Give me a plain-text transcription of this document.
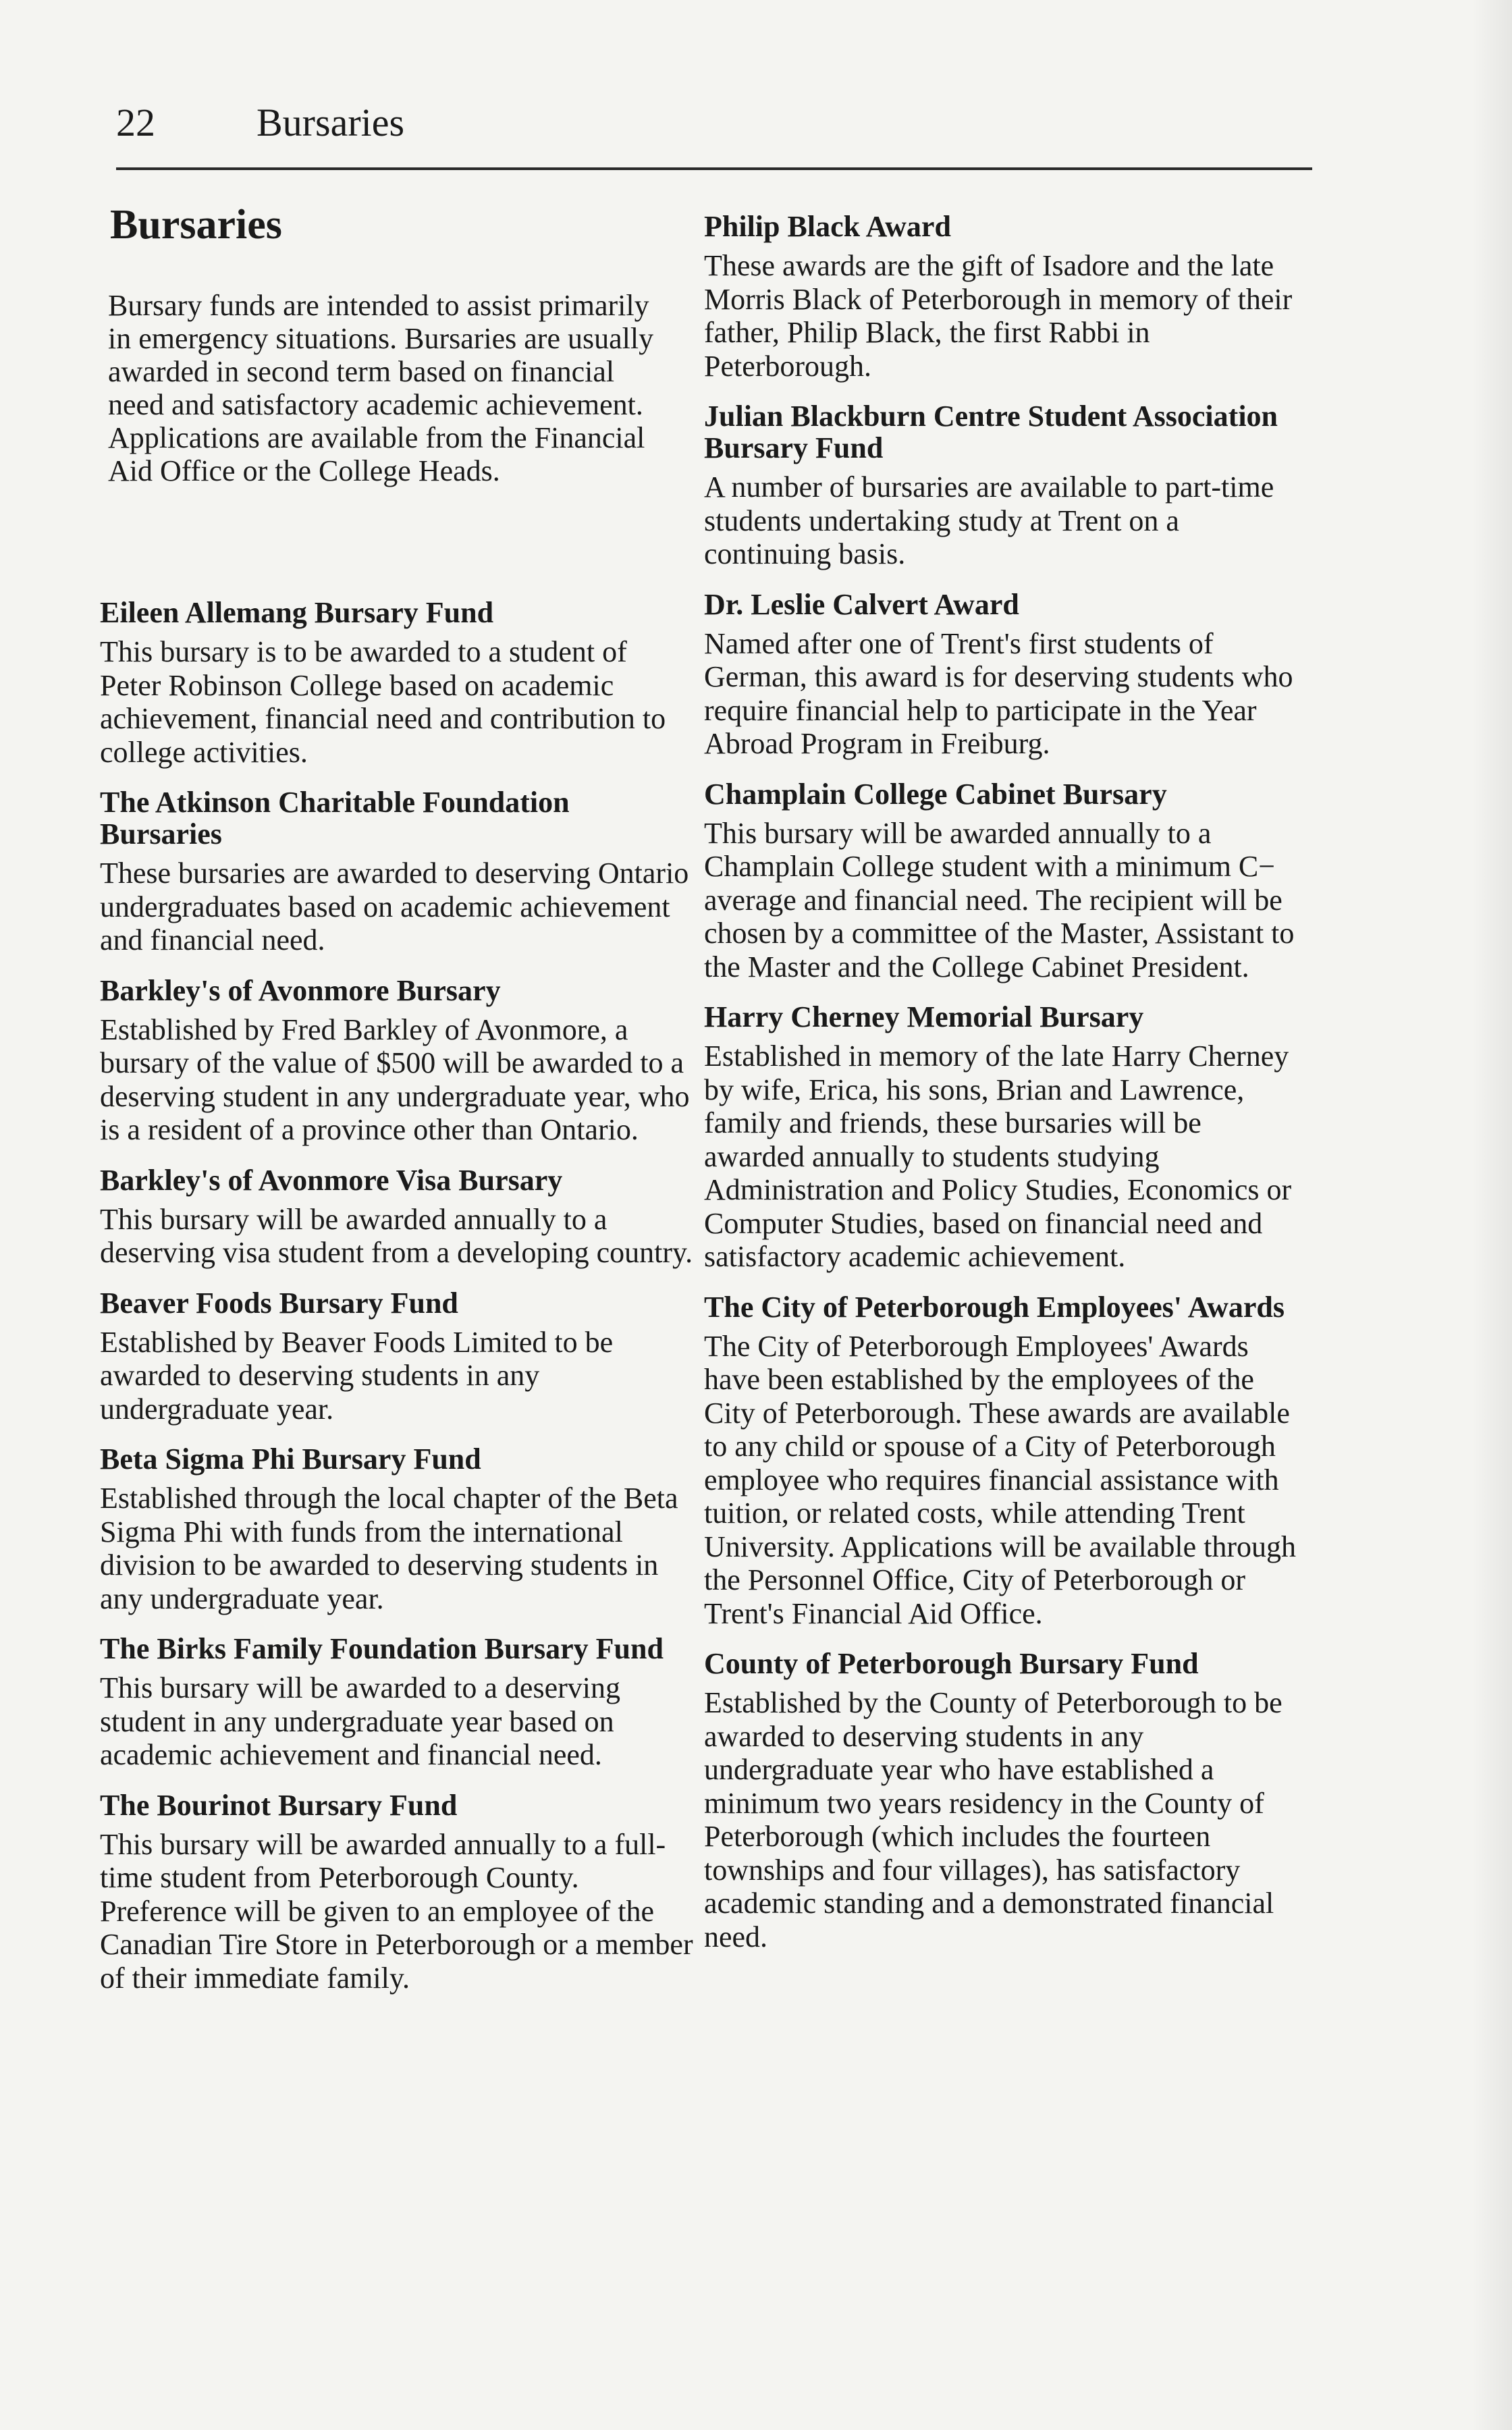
22	Bursaries
Bursaries

Bursary funds are intended to assist primarily in emergency situations. Bursaries are usually awarded in second term based on financial need and satisfactory academic achievement. Applications are available from the Financial Aid Office or the College Heads.

Eileen Allemang Bursary Fund

This bursary is to be awarded to a student of Peter Robinson College based on academic achievement, financial need and contribution to college activities.

The Atkinson Charitable Foundation Bursaries

These bursaries are awarded to deserving Ontario undergraduates based on academic achievement and financial need.

Barkley's of Avonmore Bursary

Established by Fred Barkley of Avonmore, a bursary of the value of $500 will be awarded to a deserving student in any undergraduate year, who is a resident of a province other than Ontario.

Barkley's of Avonmore Visa Bursary

This bursary will be awarded annually to a deserving visa student from a developing country.

Beaver Foods Bursary Fund

Established by Beaver Foods Limited to be awarded to deserving students in any undergraduate year.

Beta Sigma Phi Bursary Fund

Established through the local chapter of the Beta Sigma Phi with funds from the international division to be awarded to deserving students in any undergraduate year.

The Birks Family Foundation Bursary Fund

This bursary will be awarded to a deserving student in any undergraduate year based on academic achievement and financial need.

The Bourinot Bursary Fund

This bursary will be awarded annually to a full-time student from Peterborough County. Preference will be given to an employee of the Canadian Tire Store in Peterborough or a member of their immediate family.

Philip Black Award

These awards are the gift of Isadore and the late Morris Black of Peterborough in memory of their father, Philip Black, the first Rabbi in Peterborough.

Julian Blackburn Centre Student Association Bursary Fund

A number of bursaries are available to part-time students undertaking study at Trent on a continuing basis.

Dr. Leslie Calvert Award

Named after one of Trent's first students of German, this award is for deserving students who require financial help to participate in the Year Abroad Program in Freiburg.

Champlain College Cabinet Bursary

This bursary will be awarded annually to a Champlain College student with a minimum C− average and financial need. The recipient will be chosen by a committee of the Master, Assistant to the Master and the College Cabinet President.

Harry Cherney Memorial Bursary

Established in memory of the late Harry Cherney by wife, Erica, his sons, Brian and Lawrence, family and friends, these bursaries will be awarded annually to students studying Administration and Policy Studies, Economics or Computer Studies, based on financial need and satisfactory academic achievement.

The City of Peterborough Employees' Awards

The City of Peterborough Employees' Awards have been established by the employees of the City of Peterborough. These awards are available to any child or spouse of a City of Peterborough employee who requires financial assistance with tuition, or related costs, while attending Trent University. Applications will be available through the Personnel Office, City of Peterborough or Trent's Financial Aid Office.

County of Peterborough Bursary Fund

Established by the County of Peterborough to be awarded to deserving students in any undergraduate year who have established a minimum two years residency in the County of Peterborough (which includes the fourteen townships and four villages), has satisfactory academic standing and a demonstrated financial need.
